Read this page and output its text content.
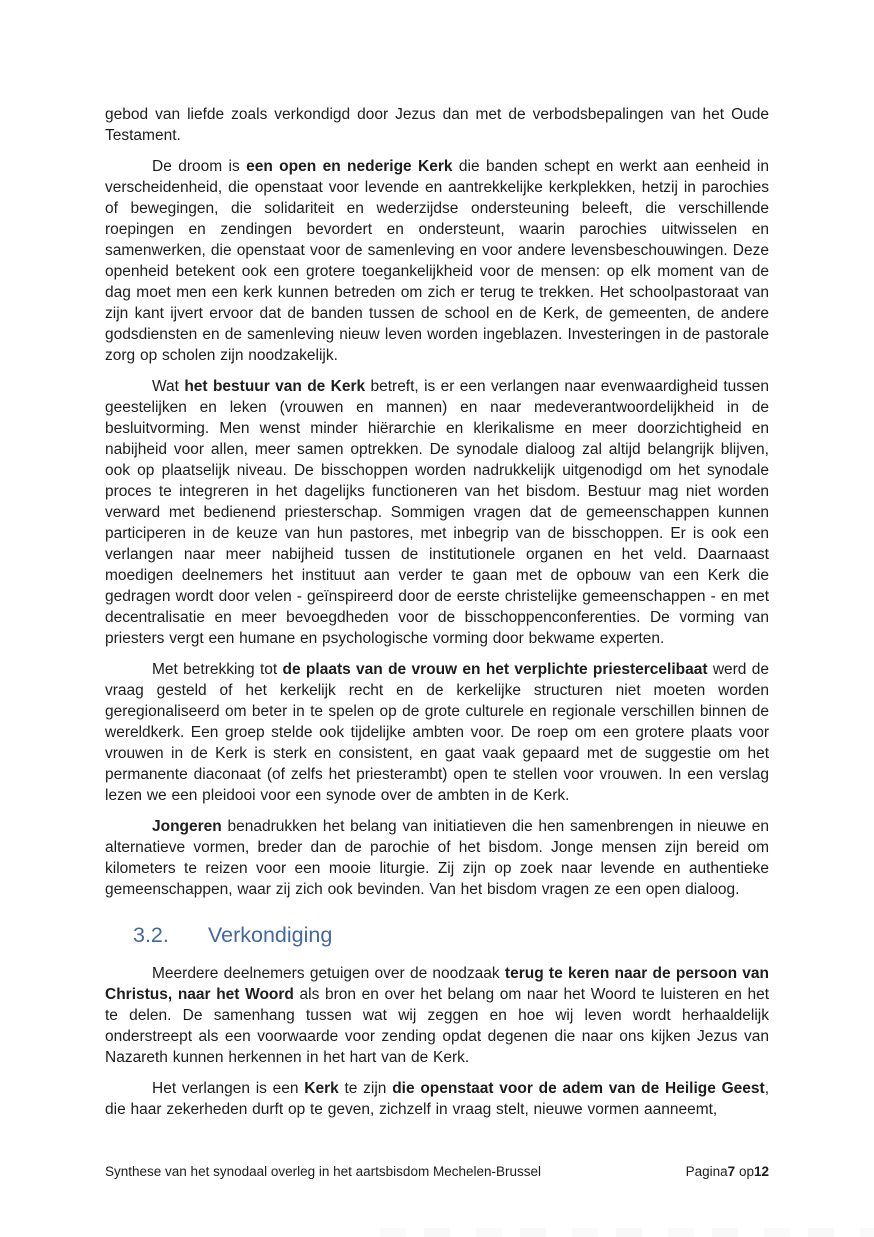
gebod van liefde zoals verkondigd door Jezus dan met de verbodsbepalingen van het Oude Testament.

De droom is een open en nederige Kerk die banden schept en werkt aan eenheid in verscheidenheid, die openstaat voor levende en aantrekkelijke kerkplekken, hetzij in parochies of bewegingen, die solidariteit en wederzijdse ondersteuning beleeft, die verschillende roepingen en zendingen bevordert en ondersteunt, waarin parochies uitwisselen en samenwerken, die openstaat voor de samenleving en voor andere levensbeschouwingen. Deze openheid betekent ook een grotere toegankelijkheid voor de mensen: op elk moment van de dag moet men een kerk kunnen betreden om zich er terug te trekken. Het schoolpastoraat van zijn kant ijvert ervoor dat de banden tussen de school en de Kerk, de gemeenten, de andere godsdiensten en de samenleving nieuw leven worden ingeblazen. Investeringen in de pastorale zorg op scholen zijn noodzakelijk.

Wat het bestuur van de Kerk betreft, is er een verlangen naar evenwaardigheid tussen geestelijken en leken (vrouwen en mannen) en naar medeverantwoordelijkheid in de besluitvorming. Men wenst minder hiërarchie en klerikalisme en meer doorzichtigheid en nabijheid voor allen, meer samen optrekken. De synodale dialoog zal altijd belangrijk blijven, ook op plaatselijk niveau. De bisschoppen worden nadrukkelijk uitgenodigd om het synodale proces te integreren in het dagelijks functioneren van het bisdom. Bestuur mag niet worden verward met bedienend priesterschap. Sommigen vragen dat de gemeenschappen kunnen participeren in de keuze van hun pastores, met inbegrip van de bisschoppen. Er is ook een verlangen naar meer nabijheid tussen de institutionele organen en het veld. Daarnaast moedigen deelnemers het instituut aan verder te gaan met de opbouw van een Kerk die gedragen wordt door velen - geïnspireerd door de eerste christelijke gemeenschappen - en met decentralisatie en meer bevoegdheden voor de bisschoppenconferenties. De vorming van priesters vergt een humane en psychologische vorming door bekwame experten.

Met betrekking tot de plaats van de vrouw en het verplichte priestercelibaat werd de vraag gesteld of het kerkelijk recht en de kerkelijke structuren niet moeten worden geregionaliseerd om beter in te spelen op de grote culturele en regionale verschillen binnen de wereldkerk. Een groep stelde ook tijdelijke ambten voor. De roep om een grotere plaats voor vrouwen in de Kerk is sterk en consistent, en gaat vaak gepaard met de suggestie om het permanente diaconaat (of zelfs het priesterambt) open te stellen voor vrouwen. In een verslag lezen we een pleidooi voor een synode over de ambten in de Kerk.

Jongeren benadrukken het belang van initiatieven die hen samenbrengen in nieuwe en alternatieve vormen, breder dan de parochie of het bisdom. Jonge mensen zijn bereid om kilometers te reizen voor een mooie liturgie. Zij zijn op zoek naar levende en authentieke gemeenschappen, waar zij zich ook bevinden. Van het bisdom vragen ze een open dialoog.

3.2.	Verkondiging

Meerdere deelnemers getuigen over de noodzaak terug te keren naar de persoon van Christus, naar het Woord als bron en over het belang om naar het Woord te luisteren en het te delen. De samenhang tussen wat wij zeggen en hoe wij leven wordt herhaaldelijk onderstreept als een voorwaarde voor zending opdat degenen die naar ons kijken Jezus van Nazareth kunnen herkennen in het hart van de Kerk.

Het verlangen is een Kerk te zijn die openstaat voor de adem van de Heilige Geest, die haar zekerheden durft op te geven, zichzelf in vraag stelt, nieuwe vormen aanneemt,

Synthese van het synodaal overleg in het aartsbisdom Mechelen-Brussel	Pagina7 op12
